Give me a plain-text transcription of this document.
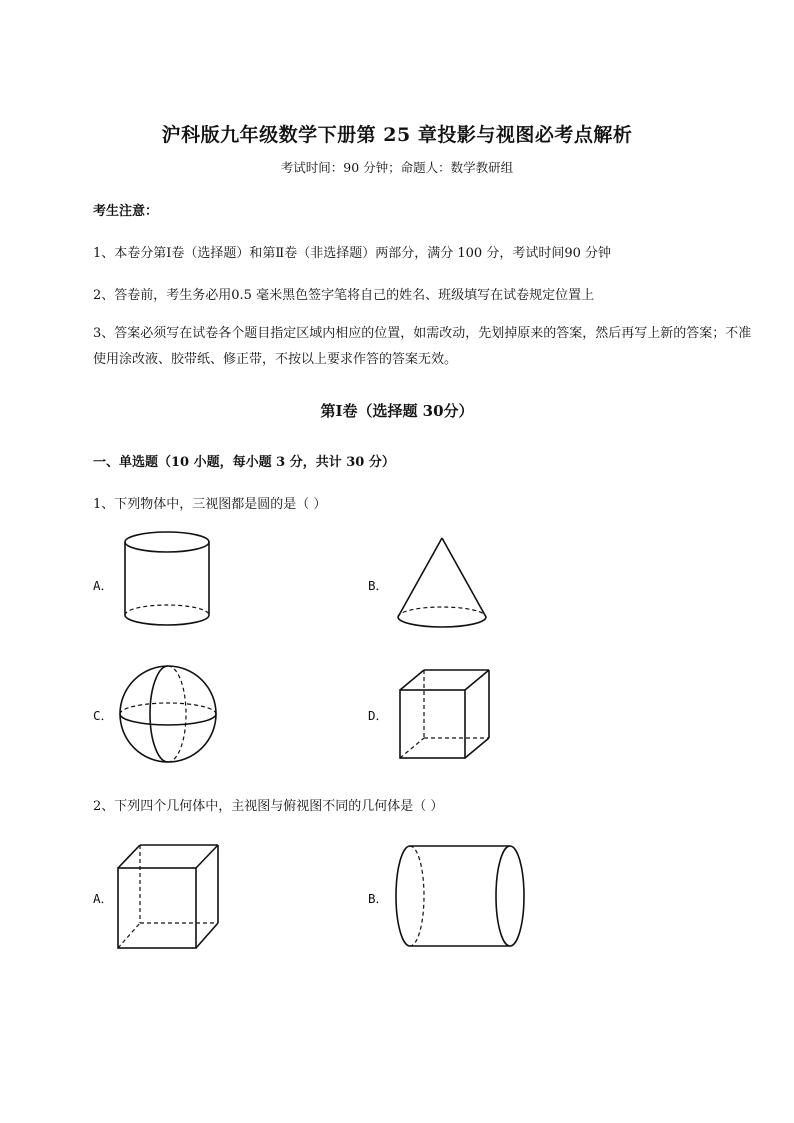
沪科版九年级数学下册第 25 章投影与视图必考点解析
考试时间：90 分钟；命题人：数学教研组
考生注意：
1、本卷分第Ⅰ卷（选择题）和第Ⅱ卷（非选择题）两部分，满分 100 分，考试时间90 分钟
2、答卷前，考生务必用0.5 毫米黑色签字笔将自己的姓名、班级填写在试卷规定位置上
3、答案必须写在试卷各个题目指定区域内相应的位置，如需改动，先划掉原来的答案，然后再写上新的答案；不准使用涂改液、胶带纸、修正带，不按以上要求作答的答案无效。
第Ⅰ卷（选择题 30分）
一、单选题（10 小题，每小题 3 分，共计 30 分）
1、下列物体中，三视图都是圆的是（ ）
A．	B．
C．	D．
2、下列四个几何体中，主视图与俯视图不同的几何体是（ ）
A．	B．
